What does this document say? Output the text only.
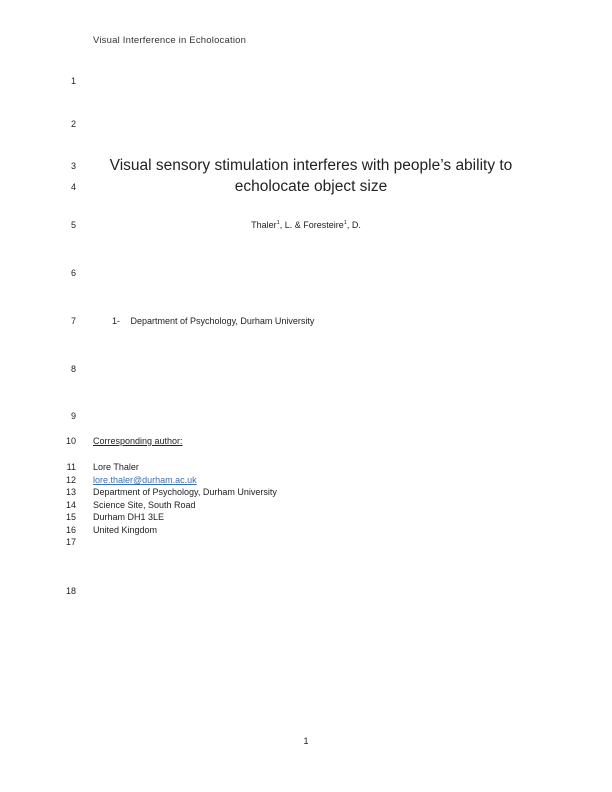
Visual Interference in Echolocation
1
2
3
4
5
6
7
8
9
10
11
12
13
14
15
16
17
18
Visual sensory stimulation interferes with people’s ability to
echolocate object size
Thaler$^1$, L. & Foresteire$^1$, D.
1- Department of Psychology, Durham University
Corresponding author:
Lore Thaler
lore.thaler@durham.ac.uk
Department of Psychology, Durham University
Science Site, South Road
Durham DH1 3LE
United Kingdom
1
